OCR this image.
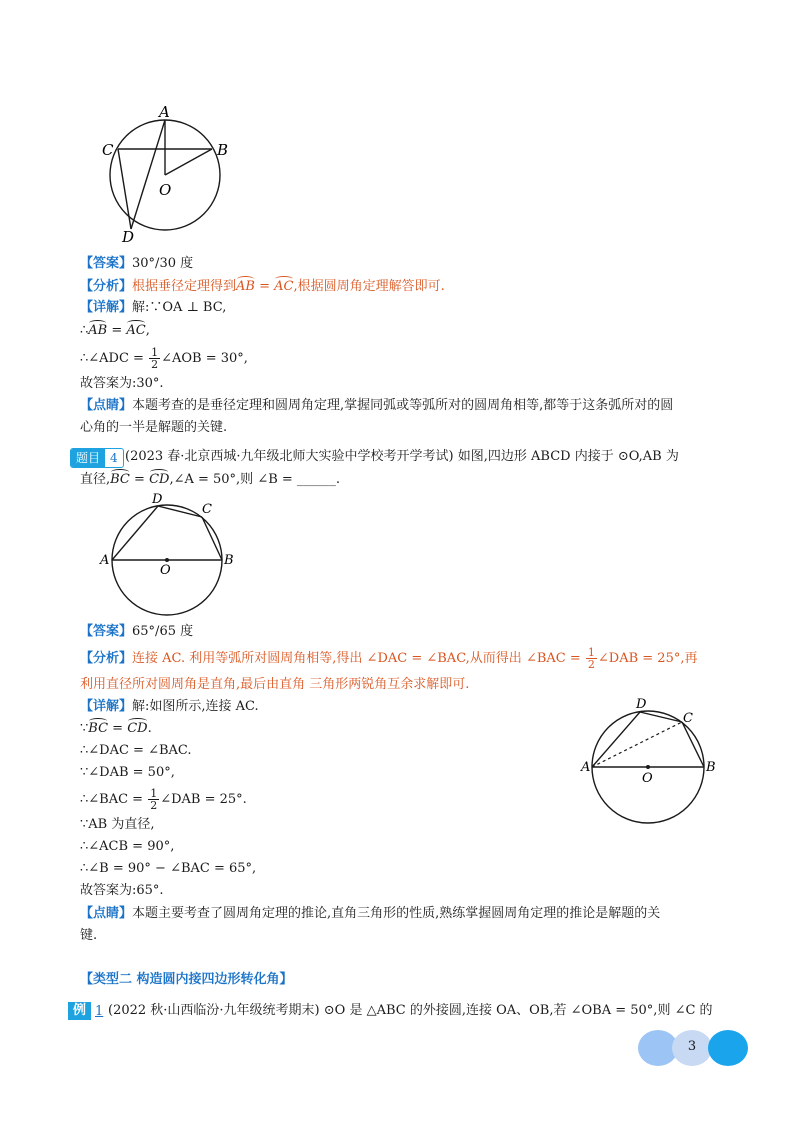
A
C	B
O
D
【答案】30°/30 度
【分析】根据垂径定理得到AB = AC,根据圆周角定理解答即可.
【详解】解:∵OA ⊥ BC,
∴AB = AC,
∴∠ADC = $\frac{1}{2}$ ∠AOB = 30°,
故答案为:30°.
【点睛】本题考查的是垂径定理和圆周角定理,掌握同弧或等弧所对的圆周角相等,都等于这条弧所对的圆
心角的一半是解题的关键.
题目 4 (2023 春·北京西城·九年级北师大实验中学校考开学考试) 如图,四边形 ABCD 内接于 ⊙O,AB 为
直径,BC = CD,∠A = 50°,则 ∠B = ______.
D
C
A	B
O
【答案】65°/65 度
【分析】连接 AC. 利用等弧所对圆周角相等,得出 ∠DAC = ∠BAC,从而得出 ∠BAC = $\frac{1}{2}$ ∠DAB = 25°,再
利用直径所对圆周角是直角,最后由直角 三角形两锐角互余求解即可.
【详解】解:如图所示,连接 AC.
∵BC = CD.
∴∠DAC = ∠BAC.
∵∠DAB = 50°,
∴∠BAC = $\frac{1}{2}$ ∠DAB = 25°.
∵AB 为直径,
∴∠ACB = 90°,
∴∠B = 90° − ∠BAC = 65°,
故答案为:65°.
【点睛】本题主要考查了圆周角定理的推论,直角三角形的性质,熟练掌握圆周角定理的推论是解题的关
键.
D
C
A	B
O
【类型二 构造圆内接四边形转化角】
例 1 (2022 秋·山西临汾·九年级统考期末) ⊙O 是 △ABC 的外接圆,连接 OA、OB,若 ∠OBA = 50°,则 ∠C 的
3
